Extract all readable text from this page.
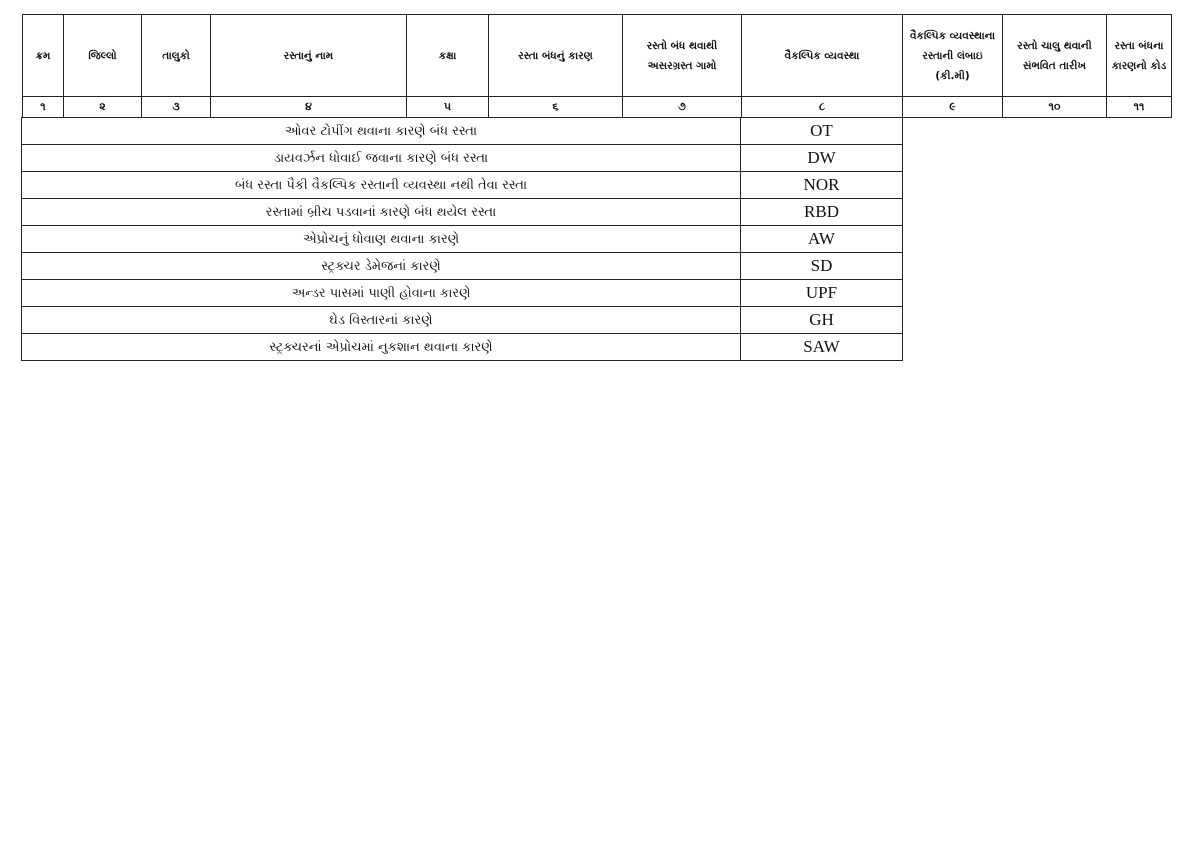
ક્રમ	જિલ્લો	તાલુકો	રસ્તાનું નામ	કક્ષા	રસ્તા બંધનું કારણ	રસ્તો બંધ થવાથી અસરગ્રસ્ત ગામો	વૈકલ્પિક વ્યવસ્થા	વૈકલ્પિક વ્યવસ્થાના રસ્તાની લંબાઇ (કી.મી)	રસ્તો ચાલુ થવાની સંભવિત તારીખ	રસ્તા બંધના કારણનો કોડ
૧	૨	૩	૪	૫	૬	૭	૮	૯	૧૦	૧૧
ઓવર ટોપીંગ થવાના કારણે બંધ રસ્તા	OT
ડાયવર્ઝન ધોવાઈ જવાના કારણે બંધ રસ્તા	DW
બંધ રસ્તા પૈકી વૈકલ્પિક રસ્તાની વ્યવસ્થા નથી તેવા રસ્તા	NOR
રસ્તામાં બ્રીચ પડવાનાં કારણે બંધ થયેલ રસ્તા	RBD
એપ્રોચનું ધોવાણ થવાના કારણે	AW
સ્ટ્રક્ચર ડેમેજનાં કારણે	SD
અન્ડર પાસમાં પાણી હોવાના કારણે	UPF
ઘેડ વિસ્તારનાં કારણે	GH
સ્ટ્રક્ચરનાં એપ્રોચમાં નુકશાન થવાના કારણે	SAW
